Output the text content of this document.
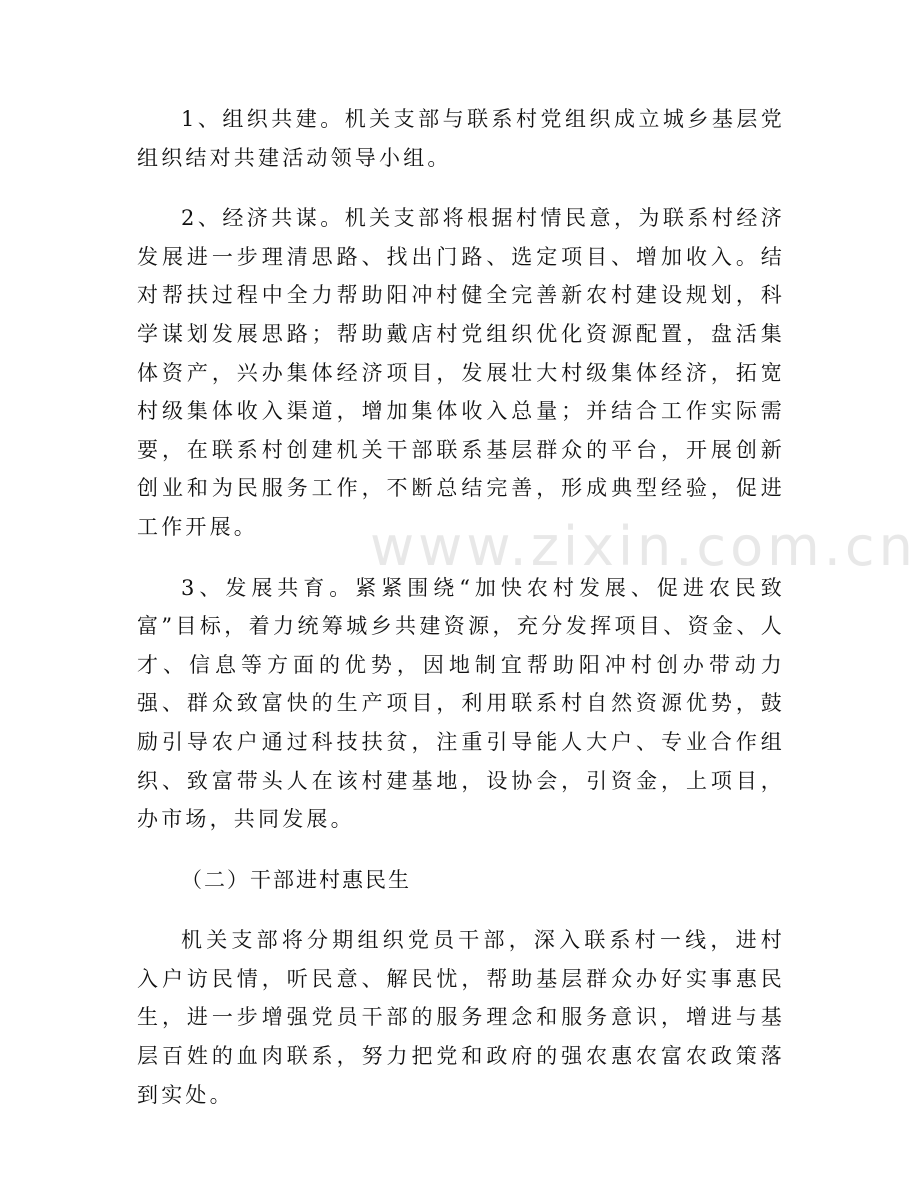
1、组织共建。机关支部与联系村党组织成立城乡基层党组织结对共建活动领导小组。

2、经济共谋。机关支部将根据村情民意，为联系村经济发展进一步理清思路、找出门路、选定项目、增加收入。结对帮扶过程中全力帮助阳冲村健全完善新农村建设规划，科学谋划发展思路；帮助戴店村党组织优化资源配置，盘活集体资产，兴办集体经济项目，发展壮大村级集体经济，拓宽村级集体收入渠道，增加集体收入总量；并结合工作实际需要，在联系村创建机关干部联系基层群众的平台，开展创新创业和为民服务工作，不断总结完善，形成典型经验，促进工作开展。

3、发展共育。紧紧围绕“加快农村发展、促进农民致富”目标，着力统筹城乡共建资源，充分发挥项目、资金、人才、信息等方面的优势，因地制宜帮助阳冲村创办带动力强、群众致富快的生产项目，利用联系村自然资源优势，鼓励引导农户通过科技扶贫，注重引导能人大户、专业合作组织、致富带头人在该村建基地，设协会，引资金，上项目，办市场，共同发展。

（二）干部进村惠民生

机关支部将分期组织党员干部，深入联系村一线，进村入户访民情，听民意、解民忧，帮助基层群众办好实事惠民生，进一步增强党员干部的服务理念和服务意识，增进与基层百姓的血肉联系，努力把党和政府的强农惠农富农政策落到实处。

www.zixin.com.cn
